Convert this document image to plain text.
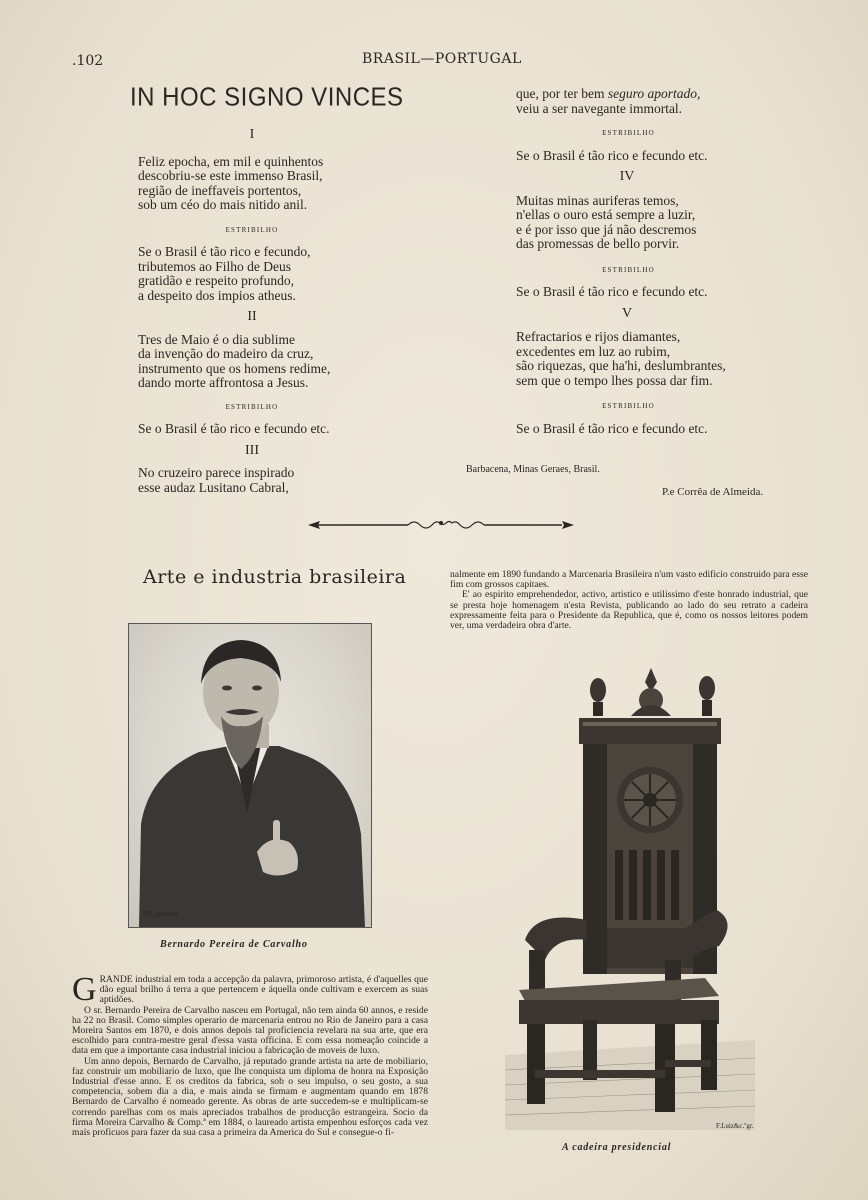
.102	BRASIL—PORTUGAL
IN HOC SIGNO VINCES
I
Feliz epocha, em mil e quinhentos
descobriu-se este immenso Brasil,
região de ineffaveis portentos,
sob um céo do mais nitido anil.
ESTRIBILHO
Se o Brasil é tão rico e fecundo,
tributemos ao Filho de Deus
gratidão e respeito profundo,
a despeito dos impios atheus.
II
Tres de Maio é o dia sublime
da invenção do madeiro da cruz,
instrumento que os homens redime,
dando morte affrontosa a Jesus.
ESTRIBILHO
Se o Brasil é tão rico e fecundo etc.
III
No cruzeiro parece inspirado
esse audaz Lusitano Cabral,
que, por ter bem seguro aportado,
veiu a ser navegante immortal.
ESTRIBILHO
Se o Brasil é tão rico e fecundo etc.
IV
Muitas minas auriferas temos,
n'ellas o ouro está sempre a luzir,
e é por isso que já não descremos
das promessas de bello porvir.
ESTRIBILHO
Se o Brasil é tão rico e fecundo etc.
V
Refractarios e rijos diamantes,
excedentes em luz ao rubim,
são riquezas, que ha'hi, deslumbrantes,
sem que o tempo lhes possa dar fim.
ESTRIBILHO
Se o Brasil é tão rico e fecundo etc.
Barbacena, Minas Geraes, Brasil.
P.e Corrêa de Almeida.
Arte e industria brasileira
Pill..gravura
Bernardo Pereira de Carvalho

GRANDE industrial em toda a accepção da palavra, primoroso artista, é d'aquelles que dão egual brilho á terra a que pertencem e áquella onde cultivam e exercem as suas aptidões.

O sr. Bernardo Pereira de Carvalho nasceu em Portugal, não tem ainda 60 annos, e reside ha 22 no Brasil. Como simples operario de marcenaria entrou no Rio de Janeiro para a casa Moreira Santos em 1870, e dois annos depois tal proficiencia revelara na sua arte, que era escolhido para contra-mestre geral d'essa vasta officina. E com essa nomeação coincide a data em que a importante casa industrial iniciou a fabricação de moveis de luxo.

Um anno depois, Bernardo de Carvalho, já reputado grande artista na arte de mobiliario, faz construir um mobiliario de luxo, que lhe conquista um diploma de honra na Exposição Industrial d'esse anno. E os creditos da fabrica, sob o seu impulso, o seu gosto, a sua competencia, sobem dia a dia, e mais ainda se firmam e augmentam quando em 1878 Bernardo de Carvalho é nomeado gerente. As obras de arte succedem-se e multiplicam-se correndo parelhas com os mais apreciados trabalhos de producção estrangeira. Socio da firma Moreira Carvalho & Comp.ª em 1884, o laureado artista empenhou esforços cada vez mais proficuos para fazer da sua casa a primeira da America do Sul e consegue-o fi-

nalmente em 1890 fundando a Marcenaria Brasileira n'um vasto edificio construido para esse fim com grossos capitaes.

E' ao espirito emprehendedor, activo, artistico e utilissimo d'este honrado industrial, que se presta hoje homenagem n'esta Revista, publicando ao lado do seu retrato a cadeira expressamente feita para o Presidente da Republica, que é, como os nossos leitores podem ver, uma verdadeira obra d'arte.

F.Luiz&c.ºgr.
A cadeira presidencial
